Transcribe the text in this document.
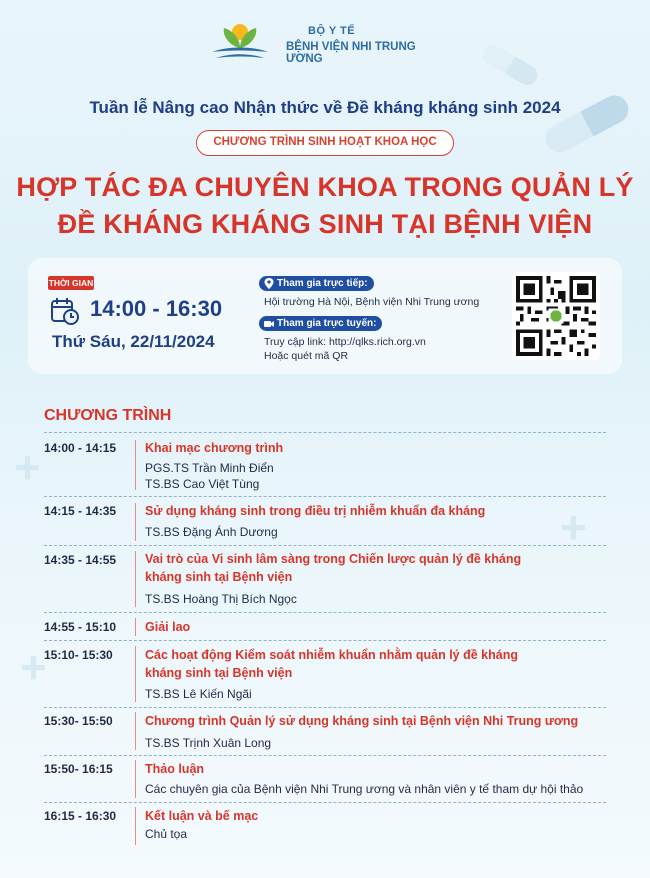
+
+
+
BỘ Y TẾ
BỆNH VIỆN NHI TRUNG ƯƠNG
Tuần lễ Nâng cao Nhận thức về Đề kháng kháng sinh 2024
CHƯƠNG TRÌNH SINH HOẠT KHOA HỌC
HỢP TÁC ĐA CHUYÊN KHOA TRONG QUẢN LÝ
ĐỀ KHÁNG KHÁNG SINH TẠI BỆNH VIỆN
THỜI GIAN
14:00 - 16:30
Thứ Sáu, 22/11/2024
Tham gia trực tiếp:
Hội trường Hà Nội, Bệnh viện Nhi Trung ương
Tham gia trực tuyến:
Truy cập link: http://qlks.rich.org.vn
Hoặc quét mã QR
CHƯƠNG TRÌNH
14:00 - 14:15 Khai mạc chương trình
PGS.TS Trần Minh Điển
TS.BS Cao Việt Tùng
14:15 - 14:35 Sử dụng kháng sinh trong điều trị nhiễm khuẩn đa kháng
TS.BS Đặng Ánh Dương
14:35 - 14:55 Vai trò của Vi sinh lâm sàng trong Chiến lược quản lý đề kháng
kháng sinh tại Bệnh viện
TS.BS Hoàng Thị Bích Ngọc
14:55 - 15:10 Giải lao
15:10- 15:30	Các hoạt động Kiểm soát nhiễm khuẩn nhằm quản lý đề kháng
kháng sinh tại Bệnh viện
TS.BS Lê Kiến Ngãi
15:30- 15:50	Chương trình Quản lý sử dụng kháng sinh tại Bệnh viện Nhi Trung ương
TS.BS Trịnh Xuân Long
15:50- 16:15	Thảo luận
Các chuyên gia của Bệnh viện Nhi Trung ương và nhân viên y tế tham dự hội thảo
16:15 - 16:30 Kết luận và bế mạc
Chủ tọa
